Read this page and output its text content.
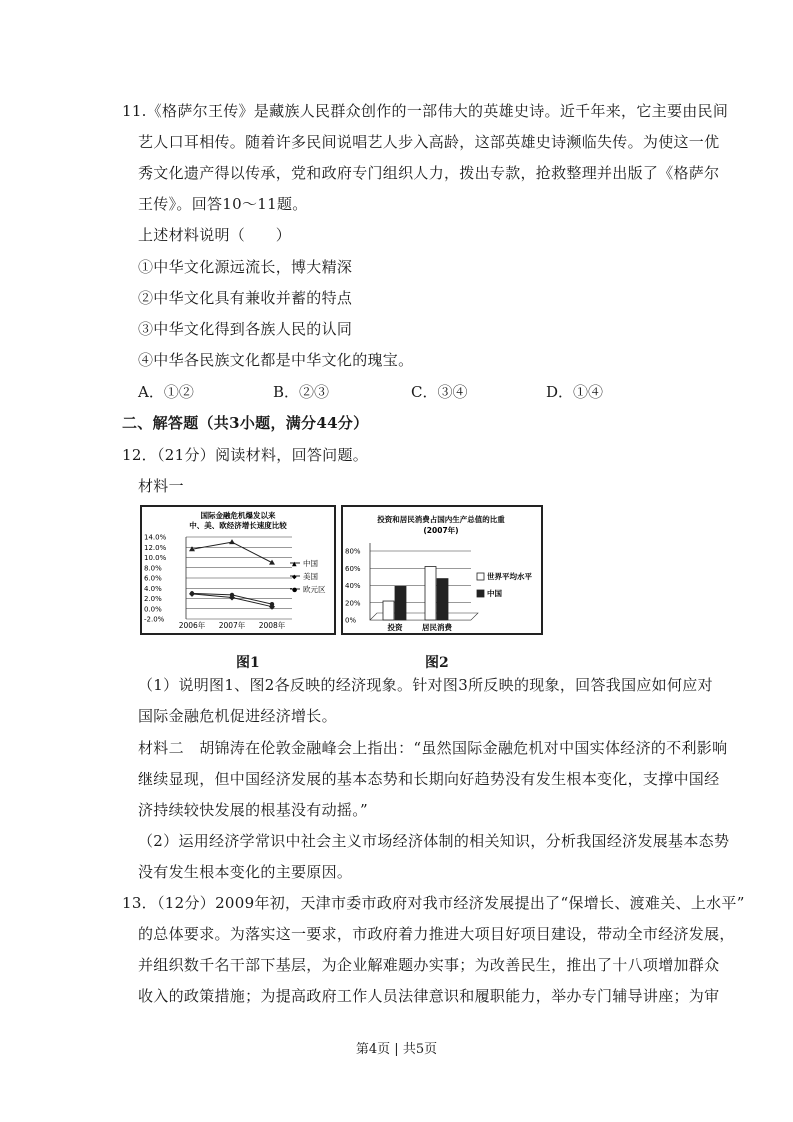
11.《格萨尔王传》是藏族人民群众创作的一部伟大的英雄史诗。近千年来，它主要由民间
艺人口耳相传。随着许多民间说唱艺人步入高龄，这部英雄史诗濒临失传。为使这一优
秀文化遗产得以传承，党和政府专门组织人力，拨出专款，抢救整理并出版了《格萨尔
王传》。回答10～11题。
上述材料说明（　　）
①中华文化源远流长，博大精深
②中华文化具有兼收并蓄的特点
③中华文化得到各族人民的认同
④中华各民族文化都是中华文化的瑰宝。
A．①②	B．②③	C．③④	D．①④
二、解答题（共3小题，满分44分）
12．（21分）阅读材料，回答问题。
材料一
国际金融危机爆发以来
中、美、欧经济增长速度比较
14.0%
12.0%
10.0%
8.0%
6.0%
4.0%
2.0%
0.0%
-2.0%
2006年 2007年 2008年
▲ 中国
◆ 美国
● 欧元区
图1
投资和居民消费占国内生产总值的比重
(2007年)
80%
60%
40%
20%
0%
投资	居民消费
世界平均水平
中国
图2
（1）说明图1、图2各反映的经济现象。针对图3所反映的现象，回答我国应如何应对
国际金融危机促进经济增长。
材料二　胡锦涛在伦敦金融峰会上指出：“虽然国际金融危机对中国实体经济的不利影响
继续显现，但中国经济发展的基本态势和长期向好趋势没有发生根本变化，支撑中国经
济持续较快发展的根基没有动摇。”
（2）运用经济学常识中社会主义市场经济体制的相关知识，分析我国经济发展基本态势
没有发生根本变化的主要原因。
13．（12分）2009年初，天津市委市政府对我市经济发展提出了“保增长、渡难关、上水平”
的总体要求。为落实这一要求，市政府着力推进大项目好项目建设，带动全市经济发展，
并组织数千名干部下基层，为企业解难题办实事；为改善民生，推出了十八项增加群众
收入的政策措施；为提高政府工作人员法律意识和履职能力，举办专门辅导讲座；为审
第4页 | 共5页
